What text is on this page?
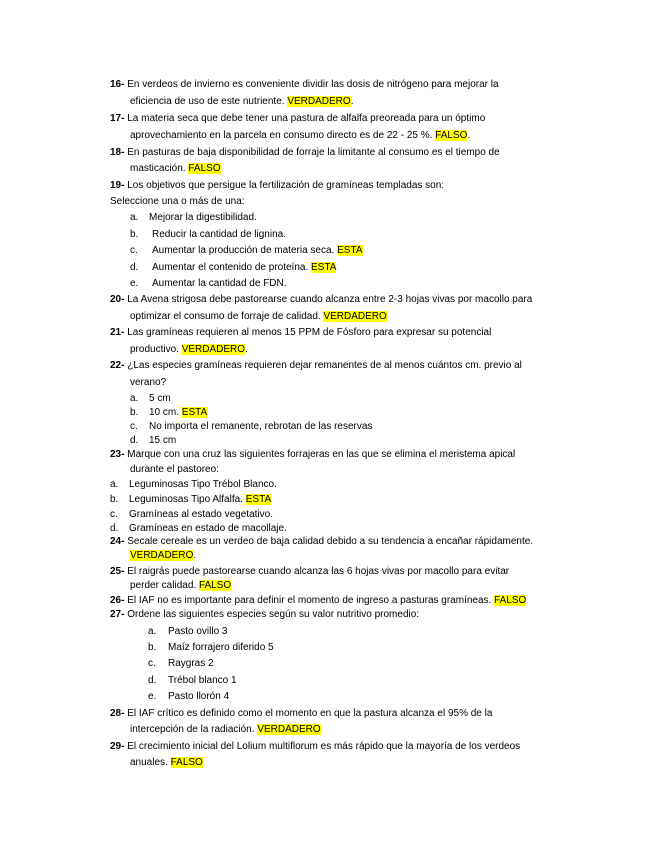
16- En verdeos de invierno es conveniente dividir las dosis de nitrógeno para mejorar la
eficiencia de uso de este nutriente. VERDADERO.
17- La materia seca que debe tener una pastura de alfalfa preoreada para un óptimo
aprovechamiento en la parcela en consumo directo es de 22 - 25 %. FALSO.
18- En pasturas de baja disponibilidad de forraje la limitante al consumo es el tiempo de
masticación. FALSO
19- Los objetivos que persigue la fertilización de gramíneas templadas son:
Seleccione una o más de una:
a. Mejorar la digestibilidad.
b. Reducir la cantidad de lignina.
c. Aumentar la producción de materia seca. ESTA
d. Aumentar el contenido de proteína. ESTA
e. Aumentar la cantidad de FDN.
20- La Avena strigosa debe pastorearse cuando alcanza entre 2-3 hojas vivas por macollo para
optimizar el consumo de forraje de calidad. VERDADERO
21- Las gramíneas requieren al menos 15 PPM de Fósforo para expresar su potencial
productivo. VERDADERO.
22- ¿Las especies gramíneas requieren dejar remanentes de al menos cuántos cm. previo al
verano?
a. 5 cm
b. 10 cm. ESTA
c. No importa el remanente, rebrotan de las reservas
d. 15 cm
23- Marque con una cruz las siguientes forrajeras en las que se elimina el meristema apical
durante el pastoreo:
a. Leguminosas Tipo Trébol Blanco.
b. Leguminosas Tipo Alfalfa. ESTA
c. Gramíneas al estado vegetativo.
d. Gramíneas en estado de macollaje.
24- Secale cereale es un verdeo de baja calidad debido a su tendencia a encañar rápidamente.
VERDADERO.
25- El raigrás puede pastorearse cuando alcanza las 6 hojas vivas por macollo para evitar
perder calidad. FALSO
26- El IAF no es importante para definir el momento de ingreso a pasturas gramíneas. FALSO
27- Ordene las siguientes especies según su valor nutritivo promedio:
a. Pasto ovillo 3
b. Maíz forrajero diferido 5
c. Raygras 2
d. Trébol blanco 1
e. Pasto llorón 4
28- El IAF crítico es definido como el momento en que la pastura alcanza el 95% de la
intercepción de la radiación. VERDADERO
29- El crecimiento inicial del Lolium multiflorum es más rápido que la mayoría de los verdeos
anuales. FALSO
